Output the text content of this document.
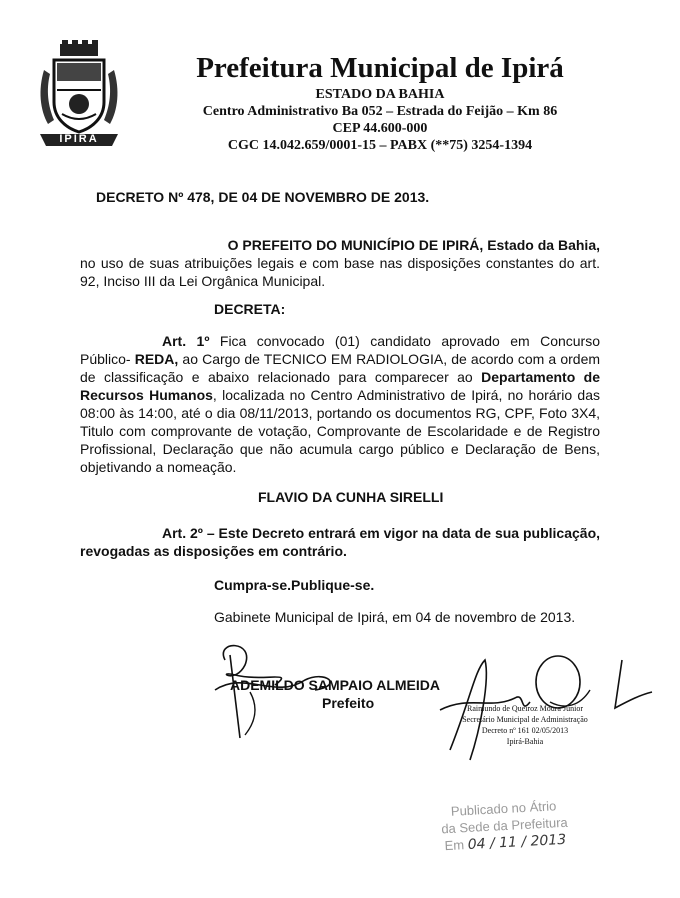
IPIRÁ
Prefeitura Municipal de Ipirá
ESTADO DA BAHIA
Centro Administrativo Ba 052 – Estrada do Feijão – Km 86
CEP 44.600-000
CGC 14.042.659/0001-15 – PABX (**75) 3254-1394
DECRETO Nº 478, DE 04 DE NOVEMBRO DE 2013.
O PREFEITO DO MUNICÍPIO DE IPIRÁ, Estado da Bahia,
no uso de suas atribuições legais e com base nas disposições constantes do art. 92, Inciso III da Lei Orgânica Municipal.
DECRETA:

Art. 1º Fica convocado (01) candidato aprovado em Concurso Público- REDA, ao Cargo de TECNICO EM RADIOLOGIA, de acordo com a ordem de classificação e abaixo relacionado para comparecer ao Departamento de Recursos Humanos, localizada no Centro Administrativo de Ipirá, no horário das 08:00 às 14:00, até o dia 08/11/2013, portando os documentos RG, CPF, Foto 3X4, Titulo com comprovante de votação, Comprovante de Escolaridade e de Registro Profissional, Declaração que não acumula cargo público e Declaração de Bens, objetivando a nomeação.

FLAVIO DA CUNHA SIRELLI

Art. 2º – Este Decreto entrará em vigor na data de sua publicação, revogadas as disposições em contrário.

Cumpra-se.Publique-se.
Gabinete Municipal de Ipirá, em 04 de novembro de 2013.
ADEMILDO SAMPAIO ALMEIDA
Prefeito	Raimundo de Queiroz Moura Junior
Secretário Municipal de Administração
Decreto nº 161 02/05/2013
Ipirá-Bahia
Publicado no Átrio
da Sede da Prefeitura
Em 04 / 11 / 2013
